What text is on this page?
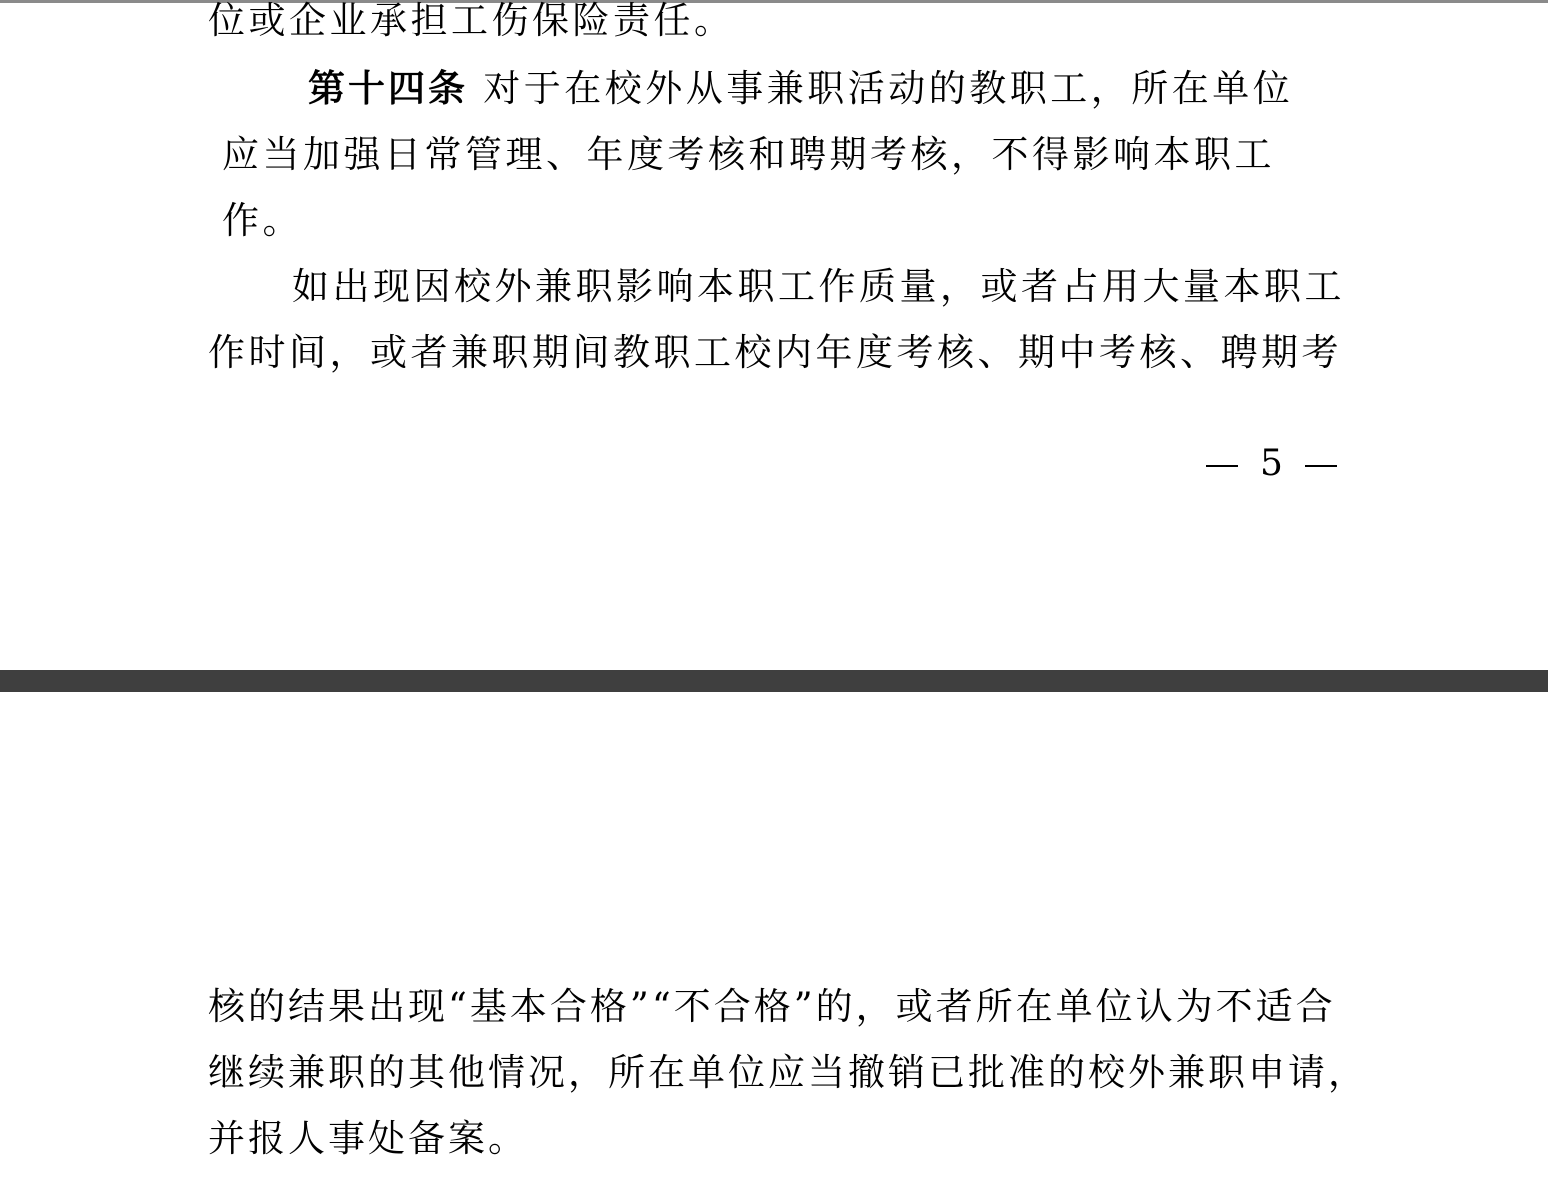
位或企业承担工伤保险责任。

第十四条 对于在校外从事兼职活动的教职工，所在单位

应当加强日常管理、年度考核和聘期考核，不得影响本职工

作。

如出现因校外兼职影响本职工作质量，或者占用大量本职工

作时间，或者兼职期间教职工校内年度考核、期中考核、聘期考

5

核的结果出现“基本合格”“不合格”的，或者所在单位认为不适合

继续兼职的其他情况，所在单位应当撤销已批准的校外兼职申请，

并报人事处备案。
